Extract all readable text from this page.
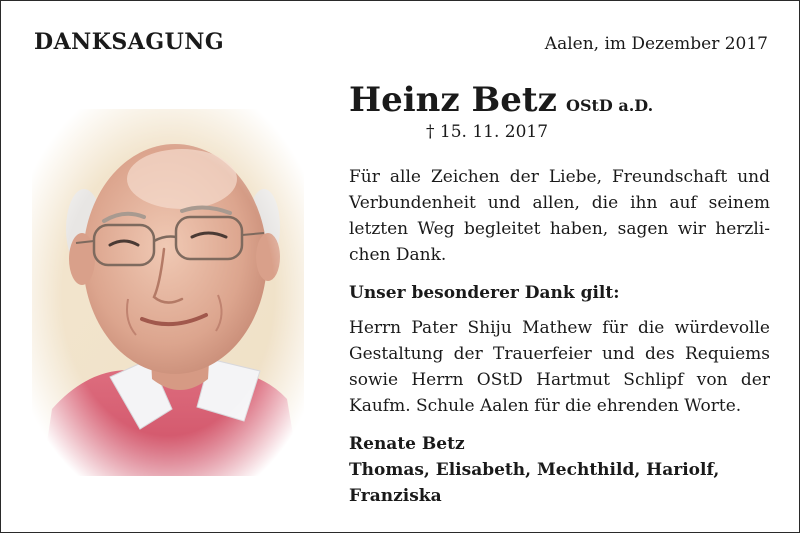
DANKSAGUNG	Aalen, im Dezember 2017
Heinz Betz OStD a.D.
† 15. 11. 2017
Für alle Zeichen der Liebe, Freundschaft und Verbundenheit und allen, die ihn auf seinem letzten Weg begleitet haben, sagen wir herzli-chen Dank.
Unser besonderer Dank gilt:
Herrn Pater Shiju Mathew für die würdevolle Gestaltung der Trauerfeier und des Requiems sowie Herrn OStD Hartmut Schlipf von der Kaufm. Schule Aalen für die ehrenden Worte.
Renate Betz
Thomas, Elisabeth, Mechthild, Hariolf,
Franziska
